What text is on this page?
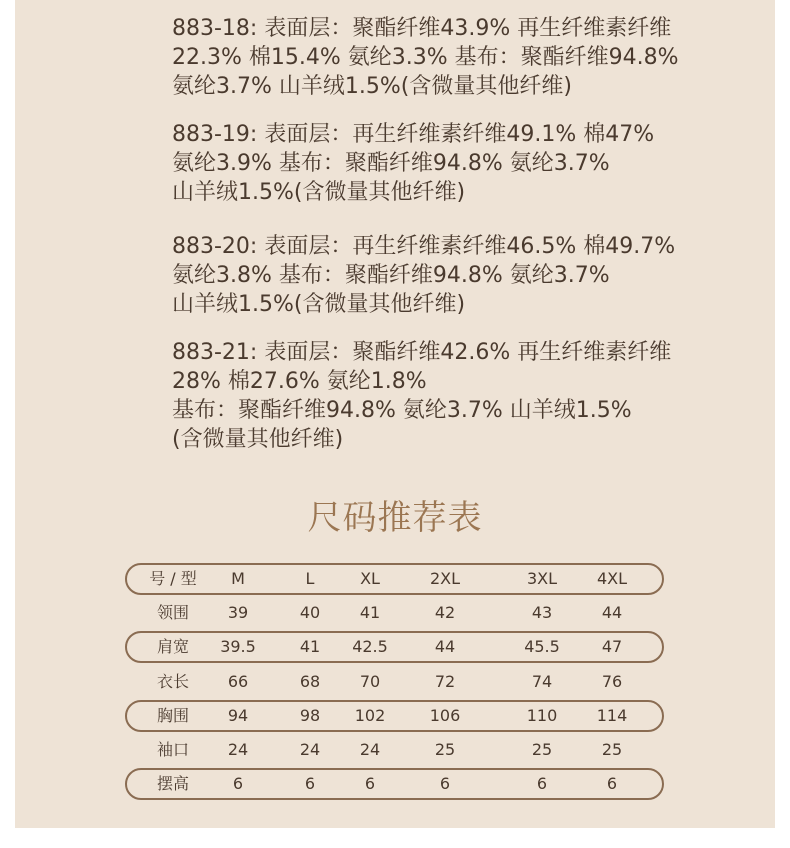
883-18: 表面层：聚酯纤维43.9% 再生纤维素纤维
22.3% 棉15.4% 氨纶3.3% 基布：聚酯纤维94.8%
氨纶3.7% 山羊绒1.5%(含微量其他纤维)
883-19: 表面层：再生纤维素纤维49.1% 棉47%
氨纶3.9% 基布：聚酯纤维94.8% 氨纶3.7%
山羊绒1.5%(含微量其他纤维)
883-20: 表面层：再生纤维素纤维46.5% 棉49.7%
氨纶3.8% 基布：聚酯纤维94.8% 氨纶3.7%
山羊绒1.5%(含微量其他纤维)
883-21: 表面层：聚酯纤维42.6% 再生纤维素纤维
28% 棉27.6% 氨纶1.8%
基布：聚酯纤维94.8% 氨纶3.7% 山羊绒1.5%
(含微量其他纤维)
尺码推荐表
号 / 型	M	L	XL	2XL	3XL	4XL
领围	39	40	41	42	43	44
肩宽	39.5	41	42.5	44	45.5	47
衣长	66	68	70	72	74	76
胸围	94	98	102	106	110	114
袖口	24	24	24	25	25	25
摆高	6	6	6	6	6	6
